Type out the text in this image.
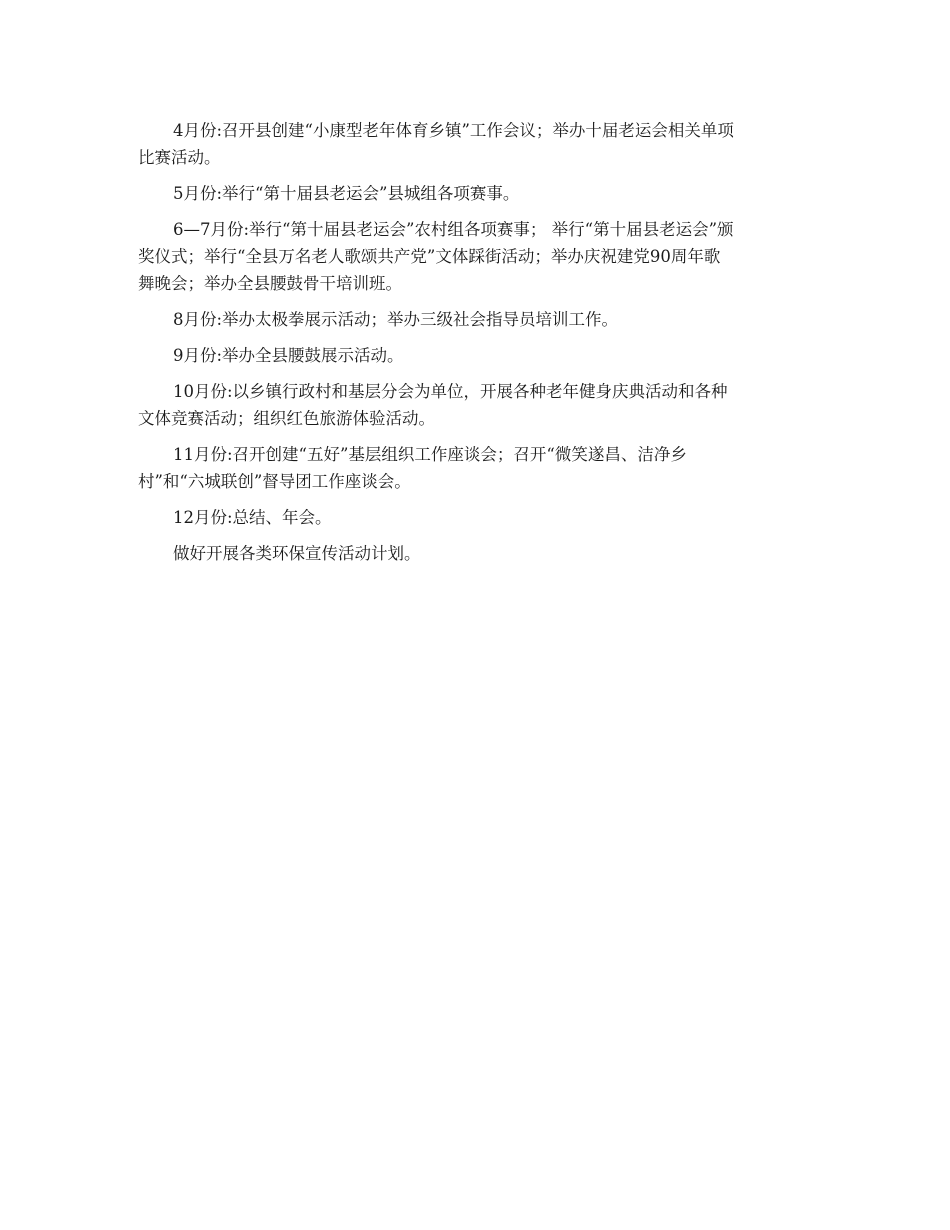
4月份:召开县创建“小康型老年体育乡镇”工作会议；举办十届老运会相关单项
比赛活动。

5月份:举行“第十届县老运会”县城组各项赛事。

6—7月份:举行“第十届县老运会”农村组各项赛事； 举行“第十届县老运会”颁
奖仪式；举行“全县万名老人歌颂共产党”文体踩街活动；举办庆祝建党90周年歌
舞晚会；举办全县腰鼓骨干培训班。

8月份:举办太极拳展示活动；举办三级社会指导员培训工作。

9月份:举办全县腰鼓展示活动。

10月份:以乡镇行政村和基层分会为单位，开展各种老年健身庆典活动和各种
文体竞赛活动；组织红色旅游体验活动。

11月份:召开创建“五好”基层组织工作座谈会；召开“微笑遂昌、洁净乡
村”和“六城联创”督导团工作座谈会。

12月份:总结、年会。

做好开展各类环保宣传活动计划。
